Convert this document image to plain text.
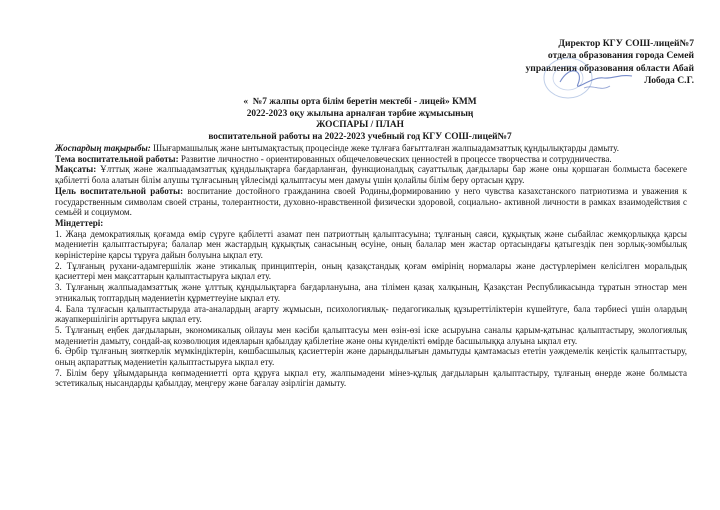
Директор КГУ СОШ-лицей№7
отдела образования города Семей
управления образования области Абай
Лобода С.Г.
«  №7 жалпы орта білім беретін мектебі - лицей» КММ
2022-2023 оқу жылына арналған тәрбие жұмысының
ЖОСПАРЫ / ПЛАН
воспитательной работы на 2022-2023 учебный год КГУ СОШ-лицей№7

Жоспардың тақырыбы: Шығармашылық және ынтымақтастық процесінде жеке тұлғаға бағытталған жалпыадамзаттық құндылықтарды дамыту.

Тема воспитательной работы: Развитие личностно - ориентированных общечеловеческих ценностей в процессе творчества и сотрудничества.

Мақсаты: Ұлттық және жалпыадамзаттық құндылықтарға бағдарланған, функционалдық сауаттылық дағдылары бар және оны қоршаған болмыста бәсекеге қабілетті бола алатын білім алушы тұлғасының үйлесімді қалыптасуы мен дамуы үшін қолайлы білім беру ортасын құру.

Цель воспитательной работы: воспитание достойного гражданина своей Родины,формированию у него чувства казахстанского патриотизма и уважения к государственным символам своей страны, толерантности, духовно-нравственной физически здоровой, социально- активной личности в рамках взаимодействия с семьёй и социумом.

Міндеттері:

1. Жаңа демократиялық қоғамда өмір сүруге қабілетті азамат пен патриоттың қалыптасуына; тұлғаның саяси, құқықтық және сыбайлас жемқорлыққа қарсы мәдениетін қалыптастыруға; балалар мен жастардың құқықтық санасының өсуіне, оның балалар мен жастар ортасындағы қатыгездік пен зорлық-зомбылық көріністеріне қарсы тұруға дайын болуына ықпал ету.

2. Тұлғаның рухани-адамгершілік және этикалық принциптерін, оның қазақстандық қоғам өмірінің нормалары және дәстүрлерімен келісілген моральдық қасиеттері мен мақсаттарын қалыптастыруға ықпал ету.

3. Тұлғаның жалпыадамзаттық және ұлттық құндылықтарға бағдарлануына, ана тілімен қазақ халқының, Қазақстан Республикасында тұратын этностар мен этникалық топтардың мәдениетін құрметтеуіне ықпал ету.

4. Бала тұлғасын қалыптастыруда ата-аналардың ағарту жұмысын, психологиялық- педагогикалық құзыреттіліктерін күшейтуге, бала тәрбиесі үшін олардың жауапкершілігін арттыруға ықпал ету.

5. Тұлғаның еңбек дағдыларын, экономикалық ойлауы мен кәсіби қалыптасуы мен өзін-өзі іске асыруына саналы қарым-қатынас қалыптастыру, экологиялық мәдениетін дамыту, сондай-ақ коэволюция идеяларын қабылдау қабілетіне және оны күнделікті өмірде басшылыққа алуына ықпал ету.

6. Әрбір тұлғаның зияткерлік мүмкіндіктерін, көшбасшылық қасиеттерін және дарындылығын дамытуды қамтамасыз ететін уәждемелік кеңістік қалыптастыру, оның ақпараттық мәдениетін қалыптастыруға ықпал ету.

7. Білім беру ұйымдарында көпмәдениетті орта құруға ықпал ету, жалпымәдени мінез-құлық дағдыларын қалыптастыру, тұлғаның өнерде және болмыста эстетикалық нысандарды қабылдау, меңгеру және бағалау әзірлігін дамыту.
